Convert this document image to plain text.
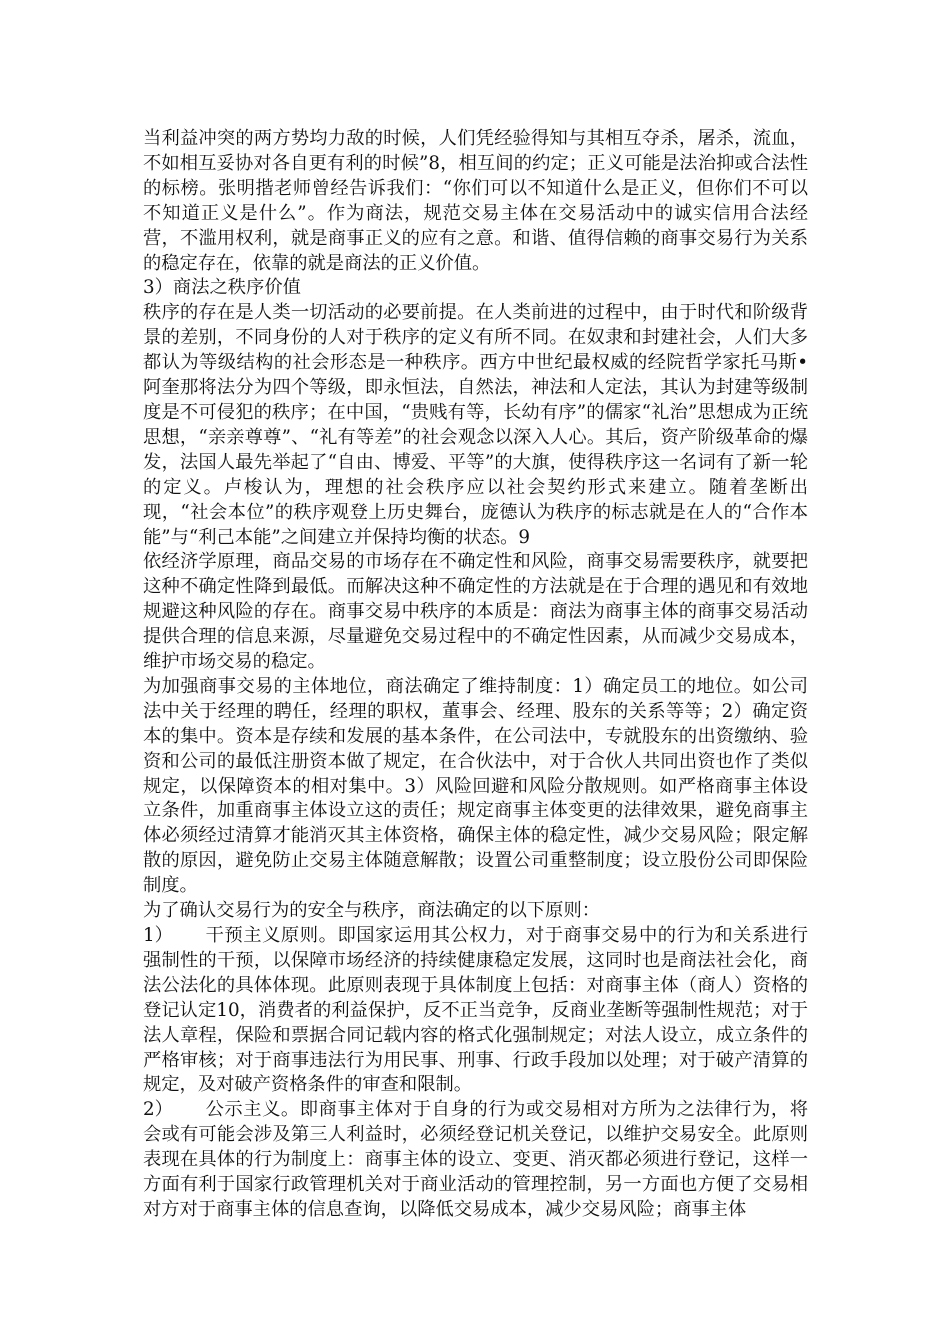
当利益冲突的两方势均力敌的时候，人们凭经验得知与其相互夺杀，屠杀，流血，不如相互妥协对各自更有利的时候”8，相互间的约定；正义可能是法治抑或合法性的标榜。张明揩老师曾经告诉我们：“你们可以不知道什么是正义，但你们不可以不知道正义是什么”。作为商法，规范交易主体在交易活动中的诚实信用合法经营，不滥用权利，就是商事正义的应有之意。和谐、值得信赖的商事交易行为关系的稳定存在，依靠的就是商法的正义价值。

3）商法之秩序价值

秩序的存在是人类一切活动的必要前提。在人类前进的过程中，由于时代和阶级背景的差别，不同身份的人对于秩序的定义有所不同。在奴隶和封建社会，人们大多都认为等级结构的社会形态是一种秩序。西方中世纪最权威的经院哲学家托马斯•阿奎那将法分为四个等级，即永恒法，自然法，神法和人定法，其认为封建等级制度是不可侵犯的秩序；在中国，“贵贱有等，长幼有序”的儒家“礼治”思想成为正统思想，“亲亲尊尊”、“礼有等差”的社会观念以深入人心。其后，资产阶级革命的爆发，法国人最先举起了“自由、博爱、平等”的大旗，使得秩序这一名词有了新一轮的定义。卢梭认为，理想的社会秩序应以社会契约形式来建立。随着垄断出现，“社会本位”的秩序观登上历史舞台，庞德认为秩序的标志就是在人的“合作本能”与“利己本能”之间建立并保持均衡的状态。9

依经济学原理，商品交易的市场存在不确定性和风险，商事交易需要秩序，就要把这种不确定性降到最低。而解决这种不确定性的方法就是在于合理的遇见和有效地规避这种风险的存在。商事交易中秩序的本质是：商法为商事主体的商事交易活动提供合理的信息来源，尽量避免交易过程中的不确定性因素，从而减少交易成本，维护市场交易的稳定。

为加强商事交易的主体地位，商法确定了维持制度：1）确定员工的地位。如公司法中关于经理的聘任，经理的职权，董事会、经理、股东的关系等等；2）确定资本的集中。资本是存续和发展的基本条件，在公司法中，专就股东的出资缴纳、验资和公司的最低注册资本做了规定，在合伙法中，对于合伙人共同出资也作了类似规定，以保障资本的相对集中。3）风险回避和风险分散规则。如严格商事主体设立条件，加重商事主体设立这的责任；规定商事主体变更的法律效果，避免商事主体必须经过清算才能消灭其主体资格，确保主体的稳定性，减少交易风险；限定解散的原因，避免防止交易主体随意解散；设置公司重整制度；设立股份公司即保险制度。

为了确认交易行为的安全与秩序，商法确定的以下原则：

1） 干预主义原则。即国家运用其公权力，对于商事交易中的行为和关系进行强制性的干预，以保障市场经济的持续健康稳定发展，这同时也是商法社会化，商法公法化的具体体现。此原则表现于具体制度上包括：对商事主体（商人）资格的登记认定10，消费者的利益保护，反不正当竞争，反商业垄断等强制性规范；对于法人章程，保险和票据合同记载内容的格式化强制规定；对法人设立，成立条件的严格审核；对于商事违法行为用民事、刑事、行政手段加以处理；对于破产清算的规定，及对破产资格条件的审查和限制。

2） 公示主义。即商事主体对于自身的行为或交易相对方所为之法律行为，将会或有可能会涉及第三人利益时，必须经登记机关登记，以维护交易安全。此原则表现在具体的行为制度上：商事主体的设立、变更、消灭都必须进行登记，这样一方面有利于国家行政管理机关对于商业活动的管理控制，另一方面也方便了交易相对方对于商事主体的信息查询，以降低交易成本，减少交易风险；商事主体
